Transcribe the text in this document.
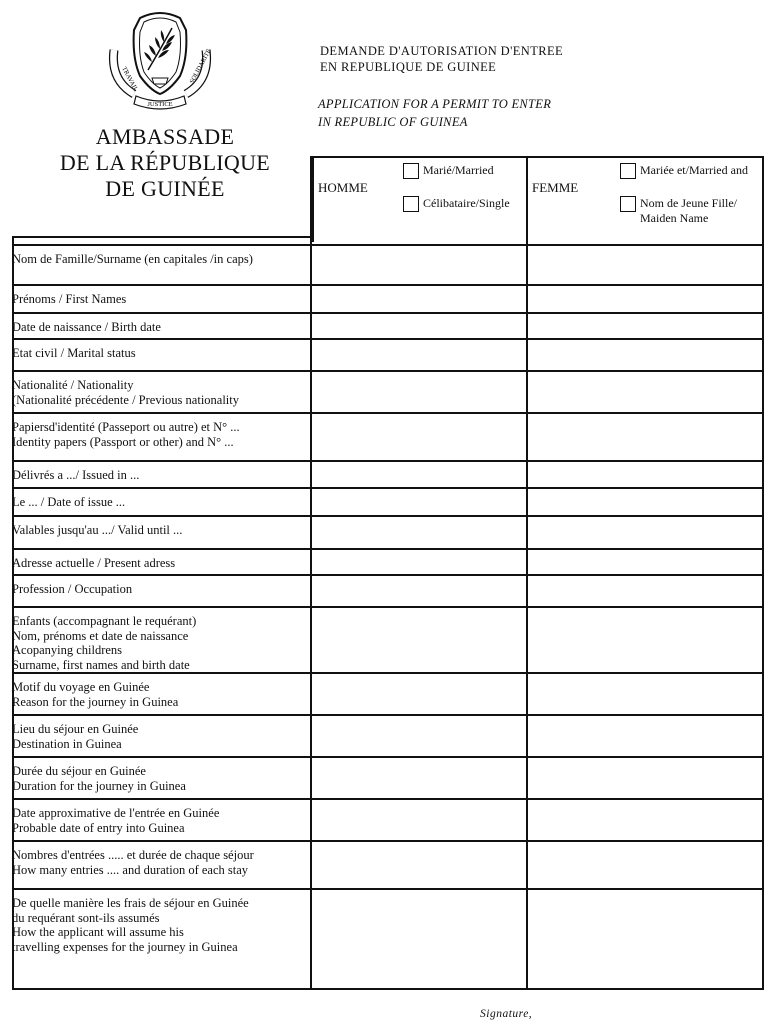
TRAVAIL
JUSTICE
SOLIDARITE
AMBASSADE
DE LA RÉPUBLIQUE
DE GUINÉE
DEMANDE D'AUTORISATION D'ENTREE
EN REPUBLIQUE DE GUINEE
APPLICATION FOR A PERMIT TO ENTER
IN REPUBLIC OF GUINEA
HOMME	FEMME
Marié/Married
Célibataire/Single
Mariée et/Married and
Nom de Jeune Fille/
Maiden Name
Nom de Famille/Surname (en capitales /in caps)
Prénoms / First Names
Date de naissance / Birth date
Etat civil / Marital status
Nationalité / Nationality
(Nationalité précédente / Previous nationality
Papiersd'identité (Passeport ou autre) et N° ...
Identity papers (Passport or other) and N° ...
Délivrés a .../ Issued in ...
Le ... / Date of issue ...
Valables jusqu'au .../ Valid until ...
Adresse actuelle / Present adress
Profession / Occupation
Enfants (accompagnant le requérant)
Nom, prénoms et date de naissance
Acopanying childrens
Surname, first names and birth date
Motif du voyage en Guinée
Reason for the journey in Guinea
Lieu du séjour en Guinée
Destination in Guinea
Durée du séjour en Guinée
Duration for the journey in Guinea
Date approximative de l'entrée en Guinée
Probable date of entry into Guinea
Nombres d'entrées ..... et durée de chaque séjour
How many entries .... and duration of each stay
De quelle manière les frais de séjour en Guinée
du requérant sont-ils assumés
How the applicant will assume his
travelling expenses for the journey in Guinea
Signature,
